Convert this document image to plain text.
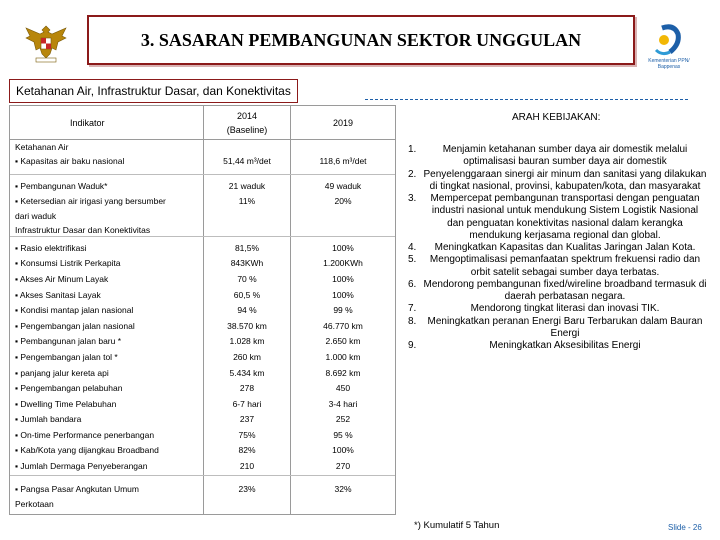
3. SASARAN PEMBANGUNAN SEKTOR UNGGULAN
Kementerian PPN/ Bappenas
Ketahanan Air, Infrastruktur Dasar, dan Konektivitas
Indikator
2014
(Baseline)
2019
Ketahanan Air
▪ Kapasitas air baku nasional	51,44 m³/det	118,6 m³/det
▪ Pembangunan Waduk*	21 waduk	49 waduk
▪ Ketersedian air irigasi yang bersumber	11%	20%
dari waduk
Infrastruktur Dasar dan Konektivitas
▪ Rasio elektrifikasi	81,5%	100%
▪ Konsumsi Listrik Perkapita	843KWh	1.200KWh
▪ Akses Air Minum Layak	70 %	100%
▪ Akses Sanitasi Layak	60,5 %	100%
▪ Kondisi mantap jalan nasional	94 %	99 %
▪ Pengembangan jalan nasional	38.570 km	46.770 km
▪ Pembangunan jalan baru *	1.028 km	2.650 km
▪ Pengembangan jalan tol *	260 km	1.000 km
▪ panjang jalur kereta api	5.434 km	8.692 km
▪ Pengembangan pelabuhan	278	450
▪ Dwelling Time Pelabuhan	6-7 hari	3-4 hari
▪ Jumlah bandara	237	252
▪ On-time Performance penerbangan	75%	95 %
▪ Kab/Kota yang dijangkau Broadband	82%	100%
▪ Jumlah Dermaga Penyeberangan	210	270
▪ Pangsa Pasar Angkutan Umum	23%	32%
Perkotaan
ARAH KEBIJAKAN:
1.	Menjamin ketahanan sumber daya air domestik melalui optimalisasi bauran sumber daya air domestik
2. Penyelenggaraan sinergi air minum dan sanitasi yang dilakukan di tingkat nasional, provinsi, kabupaten/kota, dan masyarakat
3. Mempercepat pembangunan transportasi dengan penguatan industri nasional untuk mendukung Sistem Logistik Nasional dan penguatan konektivitas nasional dalam kerangka mendukung kerjasama regional dan global.
4. Meningkatkan Kapasitas dan Kualitas Jaringan Jalan Kota.
5. Mengoptimalisasi pemanfaatan spektrum frekuensi radio dan orbit satelit sebagai sumber daya terbatas.
6. Mendorong pembangunan fixed/wireline broadband termasuk di daerah perbatasan negara.
7.	Mendorong tingkat literasi dan inovasi TIK.
8. Meningkatkan peranan Energi Baru Terbarukan dalam Bauran Energi
9.	Meningkatkan Aksesibilitas Energi
*) Kumulatif 5 Tahun	Slide - 26
